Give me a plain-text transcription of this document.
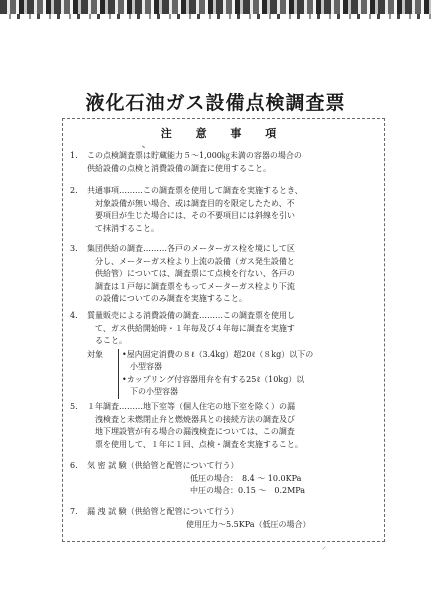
液化石油ガス設備点検調査票
注 意 事 項
1.	この点検調査票は貯蔵能力５～1,000㎏未満の容器の場合の
供給設備の点検と消費設備の調査に使用すること。
2.	共通事項………この調査票を使用して調査を実施するとき、
　対象設備が無い場合、或は調査目的を限定したため、不
　要項目が生じた場合には、その不要項目には斜線を引い
　て抹消すること。
3.	集団供給の調査………各戸のメーターガス栓を境にして区
　分し、メーターガス栓より上流の設備（ガス発生設備と
　供給管）については、調査票にて点検を行ない、各戸の
　調査は１戸毎に調査票をもってメーターガス栓より下流
　の設備についてのみ調査を実施すること。
4.	質量販売による消費設備の調査………この調査票を使用し
　て、ガス供給開始時・１年毎及び４年毎に調査を実施す
　ること。
対象 •屋内固定消費の８ℓ（3.4kg）超20ℓ（８kg）以下の
　小型容器
•カップリング付容器用弁を有する25ℓ（10kg）以
　下の小型容器
5.	１年調査………地下室等（個人住宅の地下室を除く）の漏
　洩検査と未燃閉止弁と燃焼器具との接続方法の調査及び
　地下埋設管が有る場合の漏洩検査については、この調査
　票を使用して、１年に１回、点検・調査を実施すること。
6.	気 密 試 験（供給管と配管について行う）
低圧の場合：　8.4 ～ 10.0KPa
中圧の場合：0.15 ～　0.2MPa
7.	漏 洩 試 験（供給管と配管について行う）
使用圧力～5.5KPa（低圧の場合）
⸝
